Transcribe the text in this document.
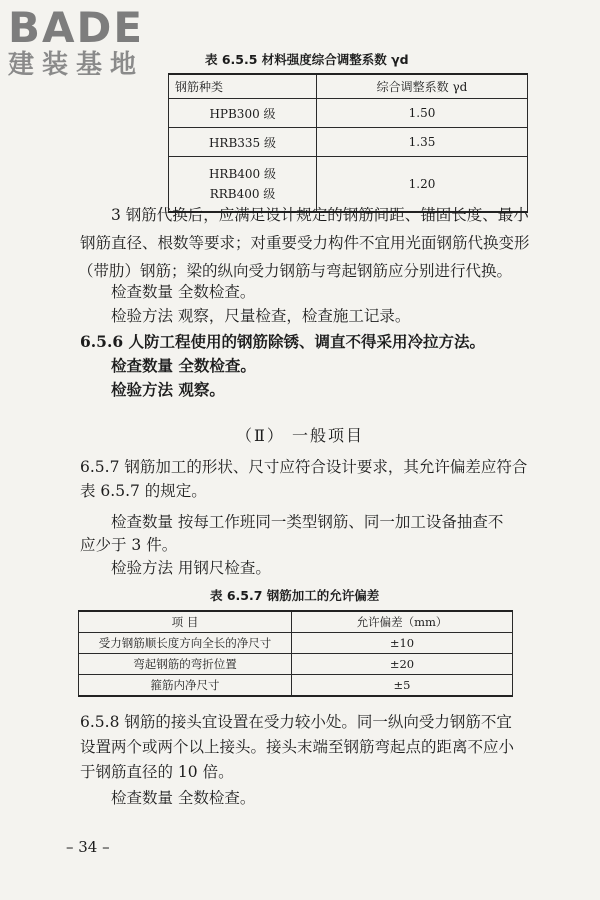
BADE
建装基地	表 6.5.5 材料强度综合调整系数 γd
钢筋种类	综合调整系数 γd
HPB300 级	1.50
HRB335 级	1.35

HRB400 级
RRB400 级	1.20
3 钢筋代换后，应满足设计规定的钢筋间距、锚固长度、最小
钢筋直径、根数等要求；对重要受力构件不宜用光面钢筋代换变形
（带肋）钢筋；梁的纵向受力钢筋与弯起钢筋应分别进行代换。
检查数量 全数检查。
检验方法 观察，尺量检查，检查施工记录。
6.5.6 人防工程使用的钢筋除锈、调直不得采用冷拉方法。
检查数量 全数检查。
检验方法 观察。
（Ⅱ） 一般项目
6.5.7 钢筋加工的形状、尺寸应符合设计要求，其允许偏差应符合
表 6.5.7 的规定。
检查数量 按每工作班同一类型钢筋、同一加工设备抽查不
应少于 3 件。
检验方法 用钢尺检查。
表 6.5.7 钢筋加工的允许偏差
项 目	允许偏差（mm）
受力钢筋顺长度方向全长的净尺寸	±10
弯起钢筋的弯折位置	±20
箍筋内净尺寸	±5
6.5.8 钢筋的接头宜设置在受力较小处。同一纵向受力钢筋不宜
设置两个或两个以上接头。接头末端至钢筋弯起点的距离不应小
于钢筋直径的 10 倍。
检查数量 全数检查。
– 34 –
